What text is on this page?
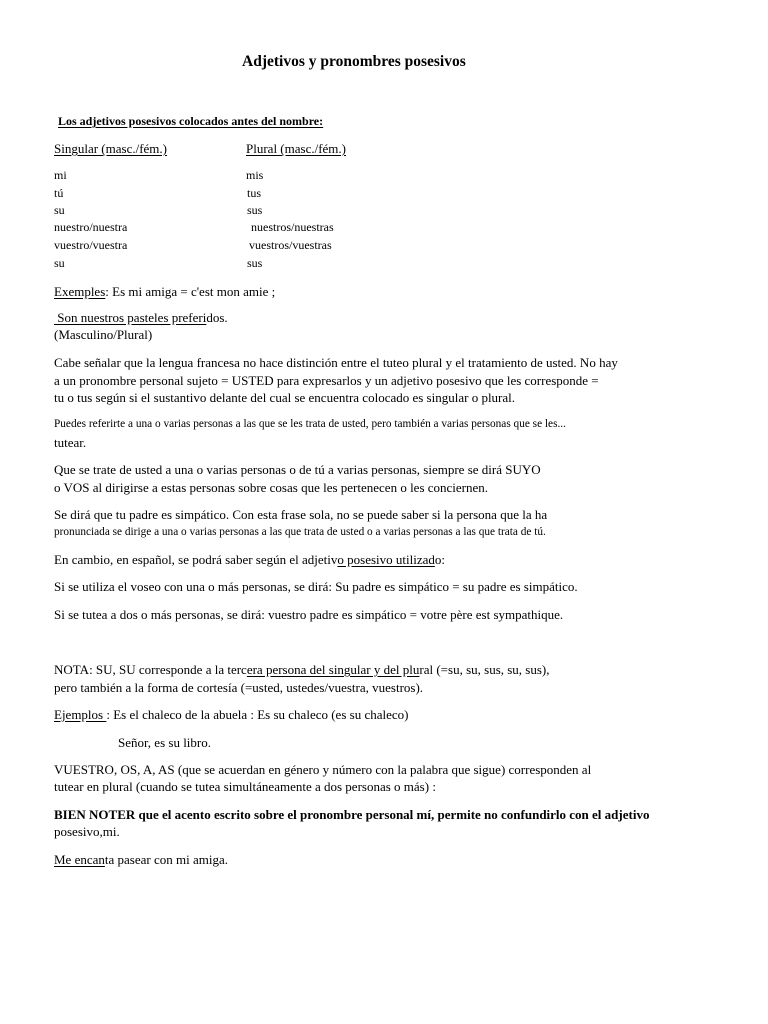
Adjetivos y pronombres posesivos
Los adjetivos posesivos colocados antes del nombre:
Singular (masc./fém.)	Plural (masc./fém.)
mi	mis
tú	tus
su	sus
nuestro/nuestra	nuestros/nuestras
vuestro/vuestra	vuestros/vuestras
su	sus
Exemples: Es mi amiga = c'est mon amie ;
Son nuestros pasteles preferidos.
(Masculino/Plural)
Cabe señalar que la lengua francesa no hace distinción entre el tuteo plural y el tratamiento de usted. No hay
a un pronombre personal sujeto = USTED para expresarlos y un adjetivo posesivo que les corresponde =
tu o tus según si el sustantivo delante del cual se encuentra colocado es singular o plural.
Puedes referirte a una o varias personas a las que se les trata de usted, pero también a varias personas que se les...
tutear.
Que se trate de usted a una o varias personas o de tú a varias personas, siempre se dirá SUYO
o VOS al dirigirse a estas personas sobre cosas que les pertenecen o les conciernen.
Se dirá que tu padre es simpático. Con esta frase sola, no se puede saber si la persona que la ha
pronunciada se dirige a una o varias personas a las que trata de usted o a varias personas a las que trata de tú.
En cambio, en español, se podrá saber según el adjetivo posesivo utilizado:
Si se utiliza el voseo con una o más personas, se dirá: Su padre es simpático = su padre es simpático.
Si se tutea a dos o más personas, se dirá: vuestro padre es simpático = votre père est sympathique.
NOTA: SU, SU corresponde a la tercera persona del singular y del plural (=su, su, sus, su, sus),
pero también a la forma de cortesía (=usted, ustedes/vuestra, vuestros).
Ejemplos : Es el chaleco de la abuela : Es su chaleco (es su chaleco)
Señor, es su libro.
VUESTRO, OS, A, AS (que se acuerdan en género y número con la palabra que sigue) corresponden al
tutear en plural (cuando se tutea simultáneamente a dos personas o más) :
BIEN NOTER que el acento escrito sobre el pronombre personal mí, permite no confundirlo con el adjetivo
posesivo,mi.
Me encanta pasear con mi amiga.
